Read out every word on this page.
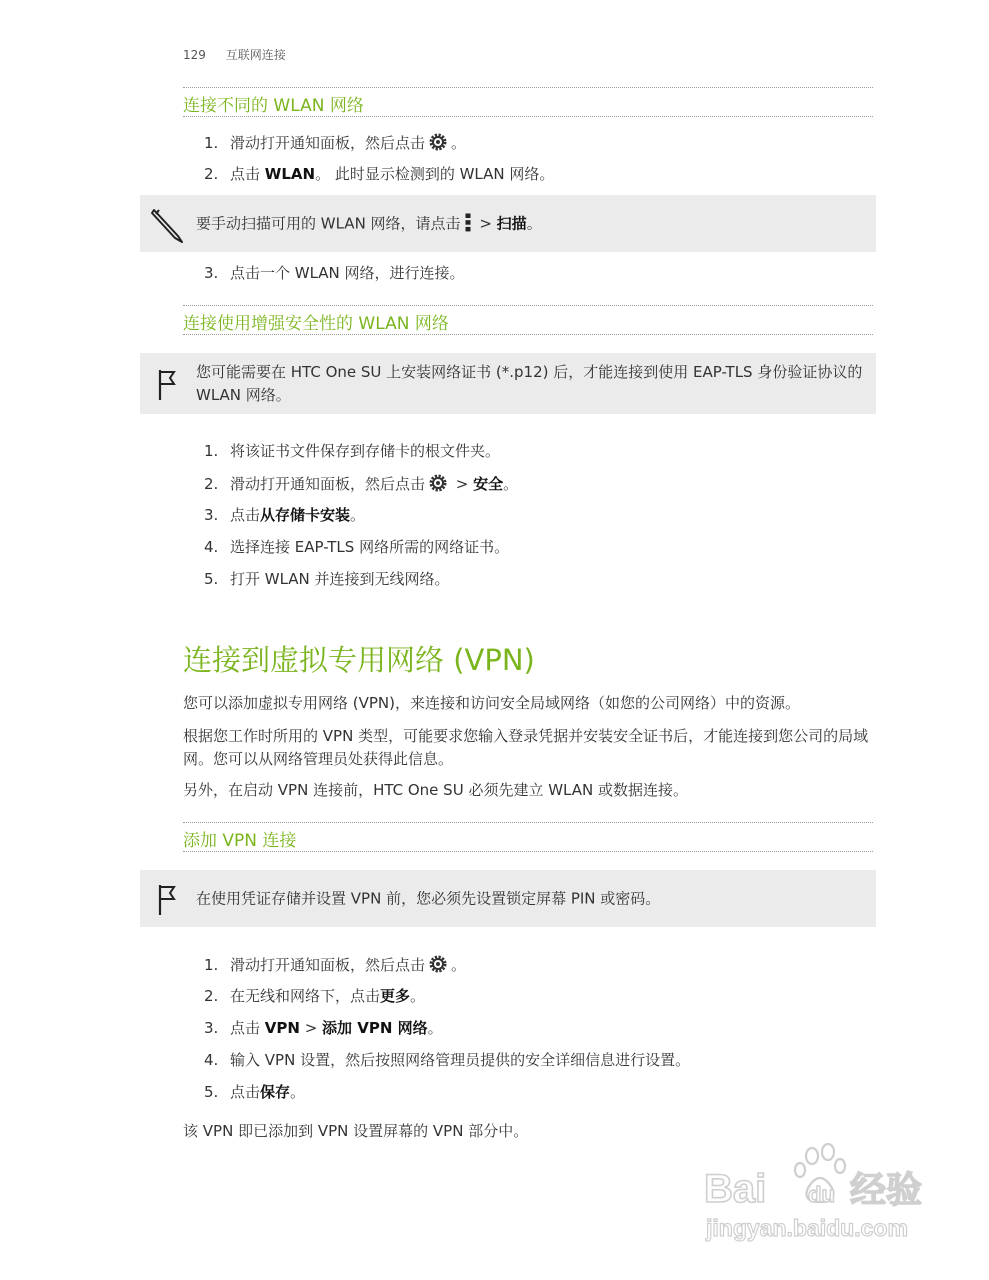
129 互联网连接
连接不同的 WLAN 网络
1. 滑动打开通知面板，然后点击 。
2. 点击 WLAN。 此时显示检测到的 WLAN 网络。
要手动扫描可用的 WLAN 网络，请点击 > 扫描。
3. 点击一个 WLAN 网络，进行连接。
连接使用增强安全性的 WLAN 网络
您可能需要在 HTC One SU 上安装网络证书 (*.p12) 后，才能连接到使用 EAP-TLS 身份验证协议的 WLAN 网络。
1. 将该证书文件保存到存储卡的根文件夹。
2. 滑动打开通知面板，然后点击 > 安全。
3. 点击从存储卡安装。
4. 选择连接 EAP-TLS 网络所需的网络证书。
5. 打开 WLAN 并连接到无线网络。
连接到虚拟专用网络 (VPN)
您可以添加虚拟专用网络 (VPN)，来连接和访问安全局域网络（如您的公司网络）中的资源。
根据您工作时所用的 VPN 类型，可能要求您输入登录凭据并安装安全证书后，才能连接到您公司的局域网。您可以从网络管理员处获得此信息。
另外，在启动 VPN 连接前，HTC One SU 必须先建立 WLAN 或数据连接。
添加 VPN 连接
在使用凭证存储并设置 VPN 前，您必须先设置锁定屏幕 PIN 或密码。
1. 滑动打开通知面板，然后点击 。
2. 在无线和网络下，点击更多。
3. 点击 VPN > 添加 VPN 网络。
4. 输入 VPN 设置，然后按照网络管理员提供的安全详细信息进行设置。
5. 点击保存。
该 VPN 即已添加到 VPN 设置屏幕的 VPN 部分中。
Bai du 经验
jingyan.baidu.com
